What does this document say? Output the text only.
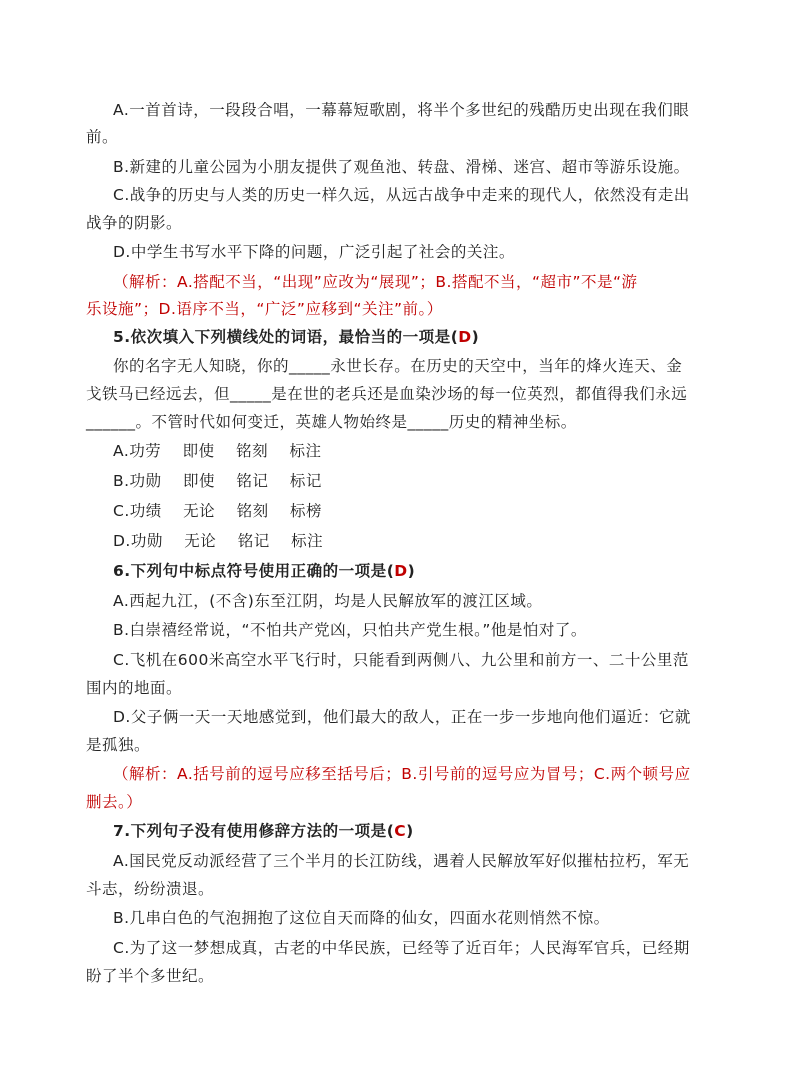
A.一首首诗，一段段合唱，一幕幕短歌剧，将半个多世纪的残酷历史出现在我们眼
前。
B.新建的儿童公园为小朋友提供了观鱼池、转盘、滑梯、迷宫、超市等游乐设施。
C.战争的历史与人类的历史一样久远，从远古战争中走来的现代人，依然没有走出
战争的阴影。
D.中学生书写水平下降的问题，广泛引起了社会的关注。
（解析：A.搭配不当，“出现”应改为“展现”；B.搭配不当，“超市”不是“游
乐设施”；D.语序不当，“广泛”应移到“关注”前。）
5.依次填入下列横线处的词语，最恰当的一项是(D)
你的名字无人知晓，你的_____永世长存。在历史的天空中，当年的烽火连天、金
戈铁马已经远去，但_____是在世的老兵还是血染沙场的每一位英烈，都值得我们永远
______。不管时代如何变迁，英雄人物始终是_____历史的精神坐标。
A.功劳　 即使　 铭刻　 标注
B.功勋　 即使　 铭记　 标记
C.功绩　 无论　 铭刻　 标榜
D.功勋　 无论　 铭记　 标注
6.下列句中标点符号使用正确的一项是(D)
A.西起九江，(不含)东至江阴，均是人民解放军的渡江区域。
B.白崇禧经常说，“不怕共产党凶，只怕共产党生根。”他是怕对了。
C.飞机在600米高空水平飞行时，只能看到两侧八、九公里和前方一、二十公里范
围内的地面。
D.父子俩一天一天地感觉到，他们最大的敌人，正在一步一步地向他们逼近：它就
是孤独。
（解析：A.括号前的逗号应移至括号后；B.引号前的逗号应为冒号；C.两个顿号应
删去。）
7.下列句子没有使用修辞方法的一项是(C)
A.国民党反动派经营了三个半月的长江防线，遇着人民解放军好似摧枯拉朽，军无
斗志，纷纷溃退。
B.几串白色的气泡拥抱了这位自天而降的仙女，四面水花则悄然不惊。
C.为了这一梦想成真，古老的中华民族，已经等了近百年；人民海军官兵，已经期
盼了半个多世纪。
